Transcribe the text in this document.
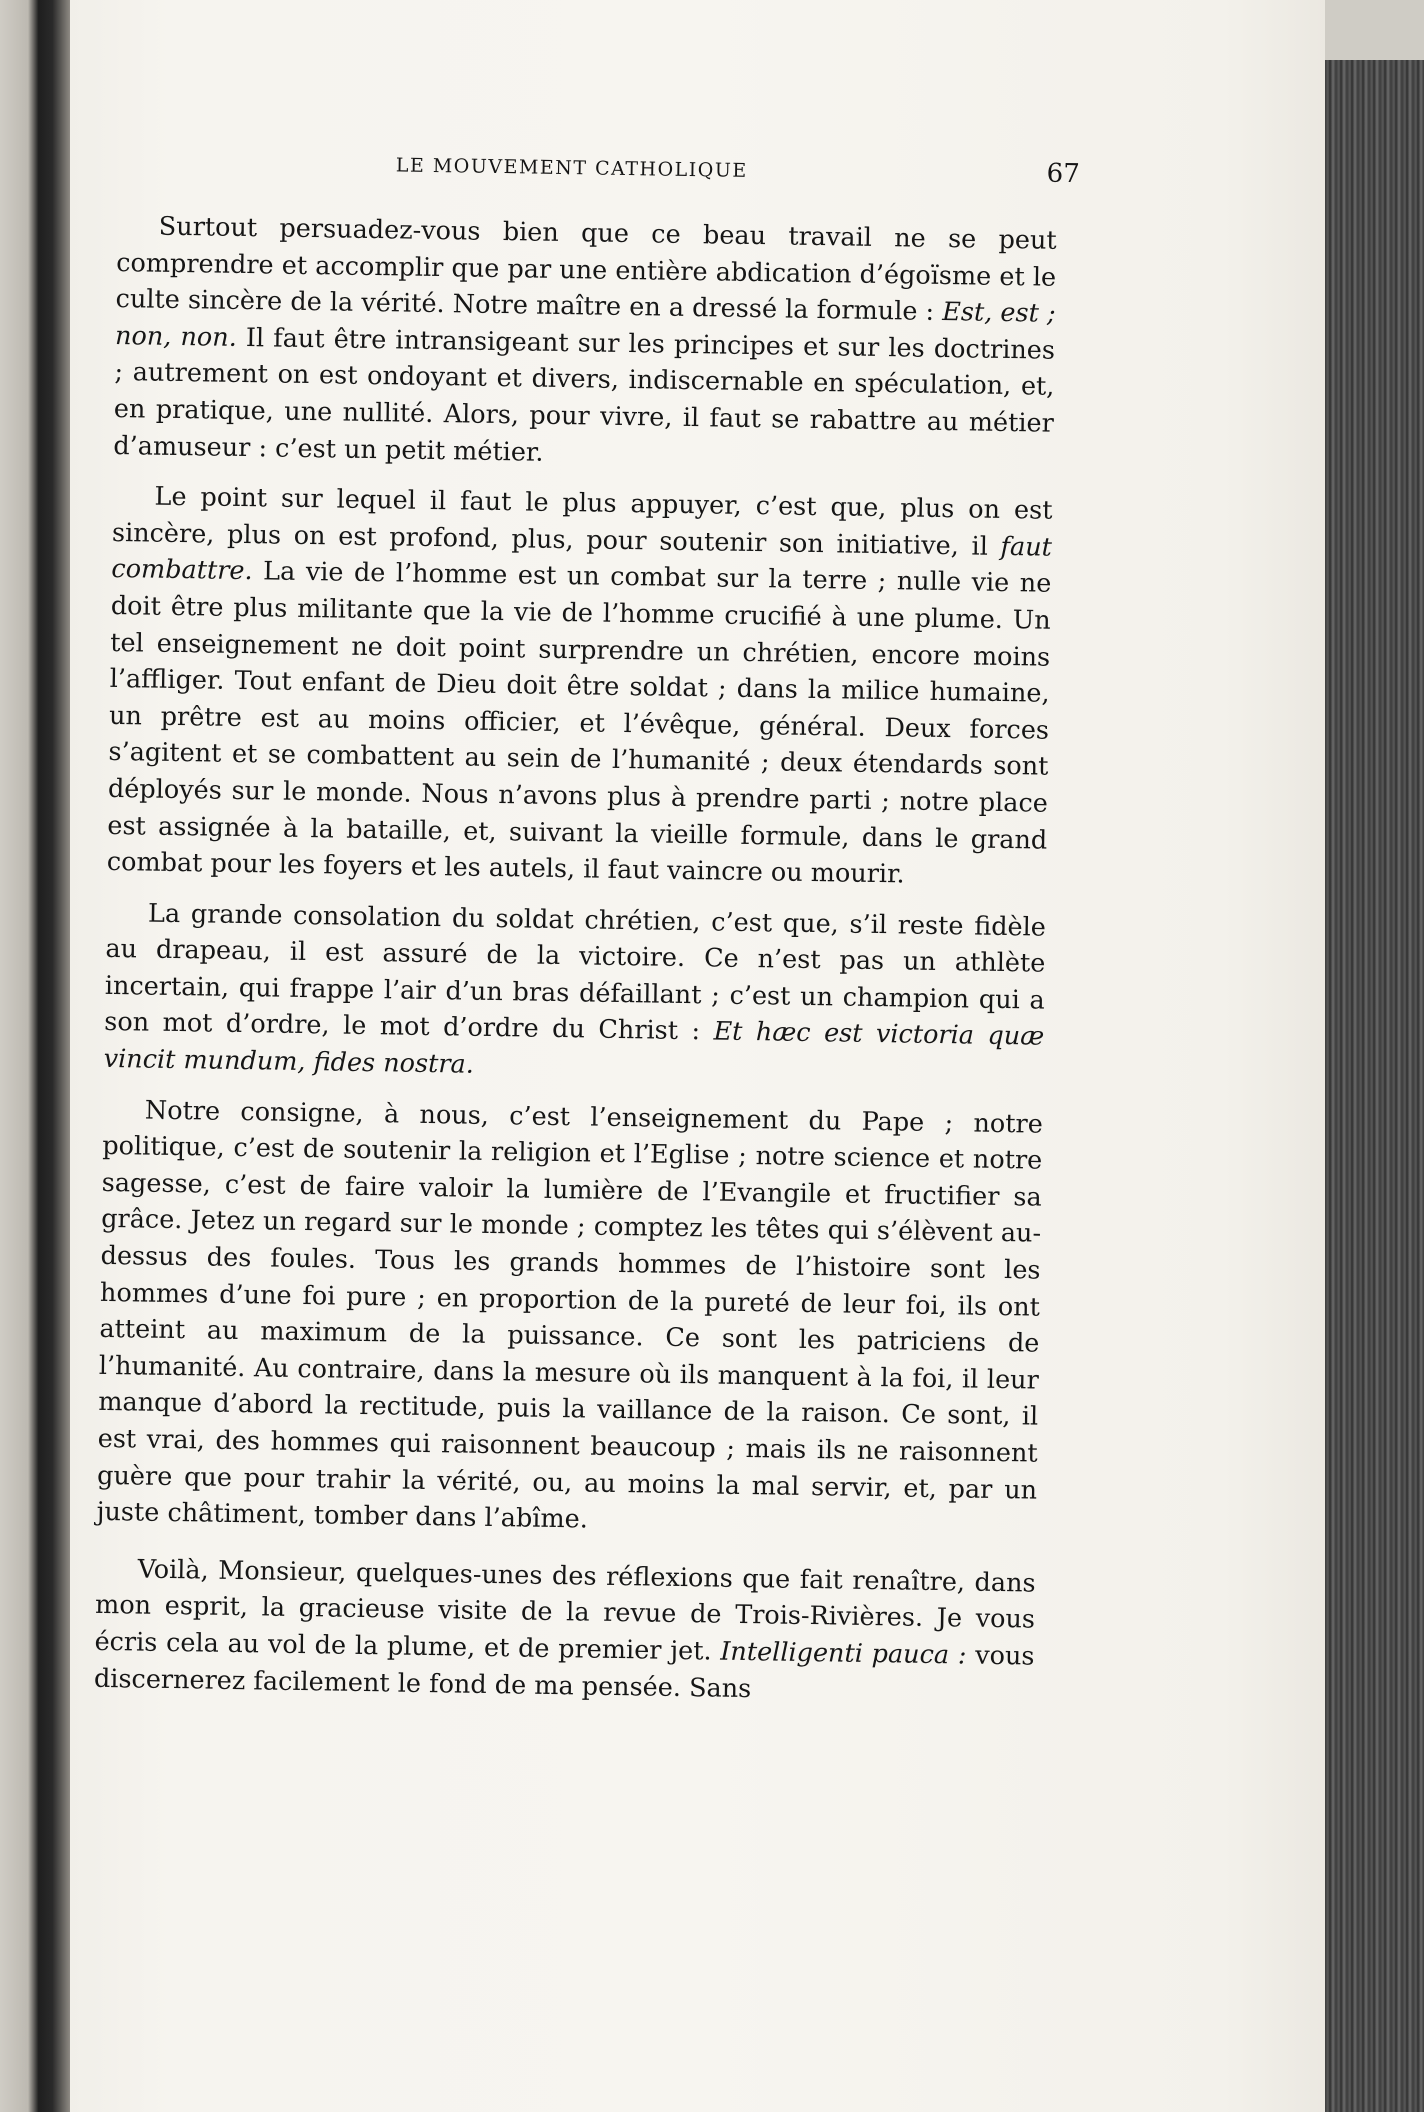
LE MOUVEMENT CATHOLIQUE	67

Surtout persuadez-vous bien que ce beau travail ne se peut comprendre et accomplir que par une entière abdication d’égoïsme et le culte sincère de la vérité. Notre maître en a dressé la formule : Est, est ; non, non. Il faut être intransigeant sur les principes et sur les doctrines ; autrement on est ondoyant et divers, indiscernable en spéculation, et, en pratique, une nullité. Alors, pour vivre, il faut se rabattre au métier d’amuseur : c’est un petit métier.

Le point sur lequel il faut le plus appuyer, c’est que, plus on est sincère, plus on est profond, plus, pour soutenir son initiative, il faut combattre. La vie de l’homme est un combat sur la terre ; nulle vie ne doit être plus militante que la vie de l’homme crucifié à une plume. Un tel enseignement ne doit point surprendre un chrétien, encore moins l’affliger. Tout enfant de Dieu doit être soldat ; dans la milice humaine, un prêtre est au moins officier, et l’évêque, général. Deux forces s’agitent et se combattent au sein de l’humanité ; deux étendards sont déployés sur le monde. Nous n’avons plus à prendre parti ; notre place est assignée à la bataille, et, suivant la vieille formule, dans le grand combat pour les foyers et les autels, il faut vaincre ou mourir.

La grande consolation du soldat chrétien, c’est que, s’il reste fidèle au drapeau, il est assuré de la victoire. Ce n’est pas un athlète incertain, qui frappe l’air d’un bras défaillant ; c’est un champion qui a son mot d’ordre, le mot d’ordre du Christ : Et hæc est victoria quæ vincit mundum, fides nostra.

Notre consigne, à nous, c’est l’enseignement du Pape ; notre politique, c’est de soutenir la religion et l’Eglise ; notre science et notre sagesse, c’est de faire valoir la lumière de l’Evangile et fructifier sa grâce. Jetez un regard sur le monde ; comptez les têtes qui s’élèvent au-dessus des foules. Tous les grands hommes de l’histoire sont les hommes d’une foi pure ; en proportion de la pureté de leur foi, ils ont atteint au maximum de la puissance. Ce sont les patriciens de l’humanité. Au contraire, dans la mesure où ils manquent à la foi, il leur manque d’abord la rectitude, puis la vaillance de la raison. Ce sont, il est vrai, des hommes qui raisonnent beaucoup ; mais ils ne raisonnent guère que pour trahir la vérité, ou, au moins la mal servir, et, par un juste châtiment, tomber dans l’abîme.

Voilà, Monsieur, quelques-unes des réflexions que fait renaître, dans mon esprit, la gracieuse visite de la revue de Trois-Rivières. Je vous écris cela au vol de la plume, et de premier jet. Intelligenti pauca : vous discernerez facilement le fond de ma pensée. Sans
